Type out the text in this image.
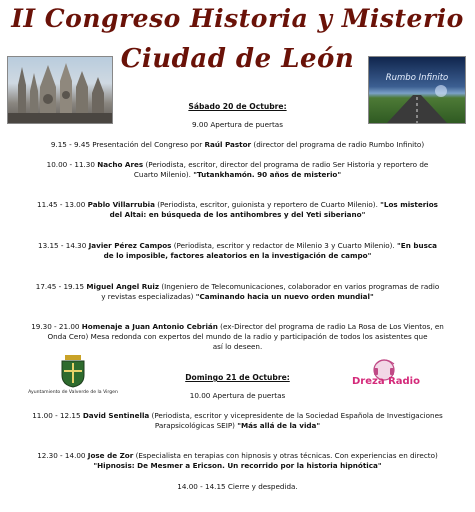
II Congreso Historia y Misterio
Ciudad de León
Rumbo Infinito
Sábado 20 de Octubre:
9.00 Apertura de puertas
9.15 - 9.45 Presentación del Congreso por Raúl Pastor (director del programa de radio Rumbo Infinito)
10.00 - 11.30 Nacho Ares (Periodista, escritor, director del programa de radio Ser Historia y reportero de
Cuarto Milenio). "Tutankhamón. 90 años de misterio"
11.45 - 13.00 Pablo Villarrubia (Periodista, escritor, guionista y reportero de Cuarto Milenio). "Los misterios
del Altai: en búsqueda de los antihombres y del Yeti siberiano"
13.15 - 14.30 Javier Pérez Campos (Periodista, escritor y redactor de Milenio 3 y Cuarto Milenio). "En busca
de lo imposible, factores aleatorios en la investigación de campo"
17.45 - 19.15 Miguel Angel Ruiz (Ingeniero de Telecomunicaciones, colaborador en varios programas de radio
y revistas especializadas) "Caminando hacia un nuevo orden mundial"
19.30 - 21.00 Homenaje a Juan Antonio Cebrián (ex-Director del programa de radio La Rosa de Los Vientos, en
Onda Cero) Mesa redonda con expertos del mundo de la radio y participación de todos los asistentes que
así lo deseen.
Ayuntamiento de Valverde de la Virgen
Dreza Radio
Domingo 21 de Octubre:
10.00 Apertura de puertas
11.00 - 12.15 David Sentinella (Periodista, escritor y vicepresidente de la Sociedad Española de Investigaciones
Parapsicológicas SEIP) "Más allá de la vida"
12.30 - 14.00 Jose de Zor (Especialista en terapias con hipnosis y otras técnicas. Con experiencias en directo)
"Hipnosis: De Mesmer a Ericson. Un recorrido por la historia hipnótica"
14.00 - 14.15 Cierre y despedida.
